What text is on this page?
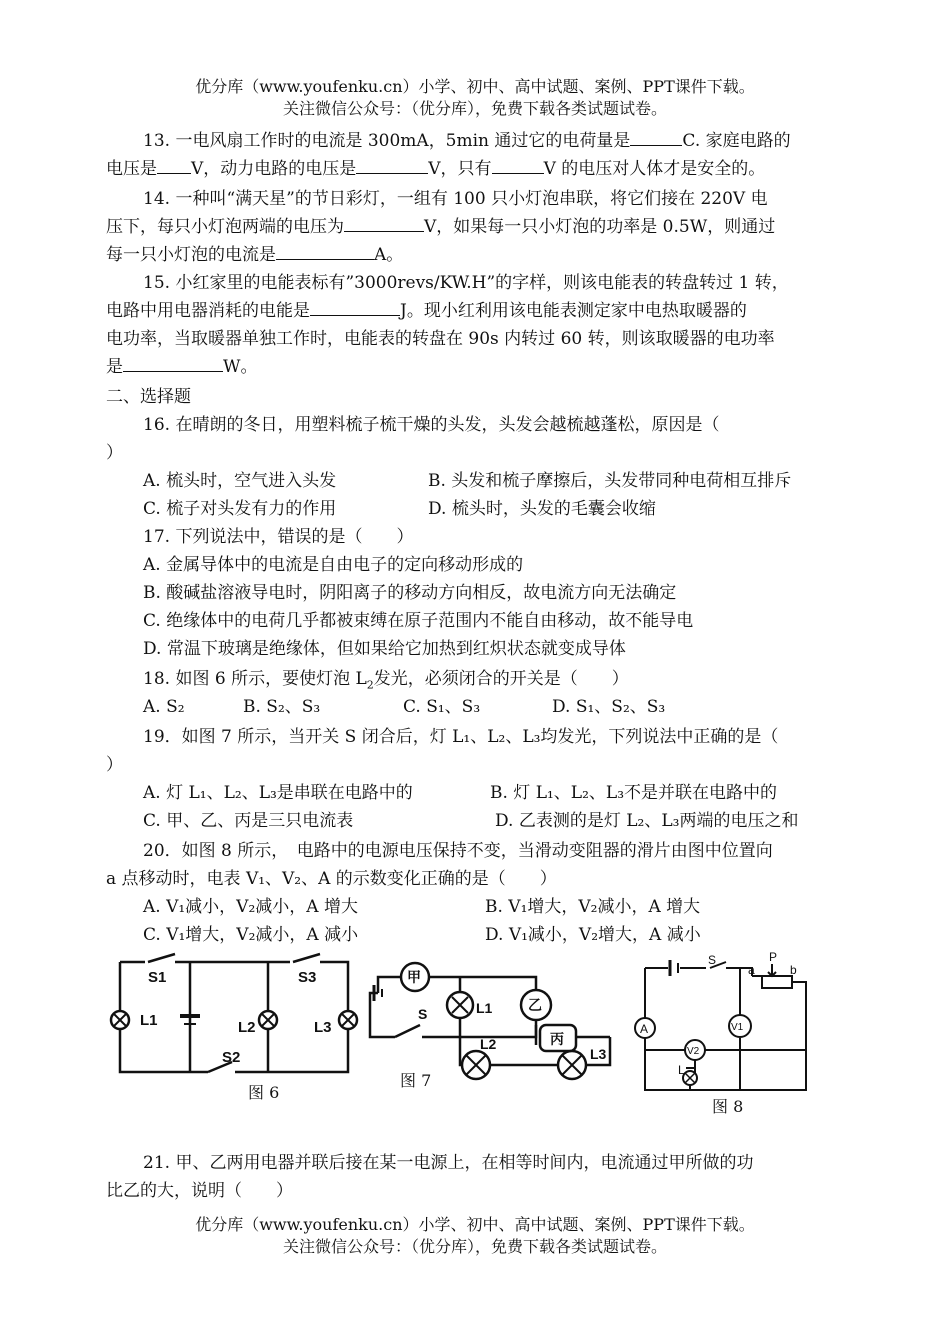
优分库（www.youfenku.cn）小学、初中、高中试题、案例、PPT课件下载。
关注微信公众号：（优分库），免费下载各类试题试卷。
13. 一电风扇工作时的电流是 300mA，5min 通过它的电荷量是	C. 家庭电路的
电压是 V，动力电路的电压是	V，只有	V 的电压对人体才是安全的。
14. 一种叫“满天星”的节日彩灯，一组有 100 只小灯泡串联，将它们接在 220V 电
压下，每只小灯泡两端的电压为	V，如果每一只小灯泡的功率是 0.5W，则通过
每一只小灯泡的电流是	A。
15. 小红家里的电能表标有”3000revs/KW.H”的字样，则该电能表的转盘转过 1 转，
电路中用电器消耗的电能是	J。现小红利用该电能表测定家中电热取暖器的
电功率，当取暖器单独工作时，电能表的转盘在 90s 内转过 60 转，则该取暖器的电功率
是	W。
二、选择题
16. 在晴朗的冬日，用塑料梳子梳干燥的头发，头发会越梳越蓬松，原因是（
）
A. 梳头时，空气进入头发	B. 头发和梳子摩擦后，头发带同种电荷相互排斥
C. 梳子对头发有力的作用	D. 梳头时，头发的毛囊会收缩
17. 下列说法中，错误的是（　　）
A. 金属导体中的电流是自由电子的定向移动形成的
B. 酸碱盐溶液导电时，阴阳离子的移动方向相反，故电流方向无法确定
C. 绝缘体中的电荷几乎都被束缚在原子范围内不能自由移动，故不能导电
D. 常温下玻璃是绝缘体，但如果给它加热到红炽状态就变成导体
18. 如图 6 所示，要使灯泡 $L_2$发光，必须闭合的开关是（　　）
A. S₂	B. S₂、S₃	C. S₁、S₃	D. S₁、S₂、S₃
19．如图 7 所示，当开关 S 闭合后，灯 L₁、L₂、L₃均发光，下列说法中正确的是（
）
A. 灯 L₁、L₂、L₃是串联在电路中的	B. 灯 L₁、L₂、L₃不是并联在电路中的
C. 甲、乙、丙是三只电流表	D. 乙表测的是灯 L₂、L₃两端的电压之和
20．如图 8 所示，　电路中的电源电压保持不变，当滑动变阻器的滑片由图中位置向
a 点移动时，电表 V₁、V₂、A 的示数变化正确的是（　　）
A. V₁减小，V₂减小，A 增大	B. V₁增大，V₂减小，A 增大
C. V₁增大，V₂减小，A 减小	D. V₁减小，V₂增大，A 减小
S1	S3
L1	L2	L3
S2
图 6
甲
乙
丙
L1
L2
L3
S
图 7
S	P
a	b
A	V1
V2
L
图 8
21. 甲、乙两用电器并联后接在某一电源上，在相等时间内，电流通过甲所做的功
比乙的大，说明（　　）
优分库（www.youfenku.cn）小学、初中、高中试题、案例、PPT课件下载。
关注微信公众号：（优分库），免费下载各类试题试卷。
